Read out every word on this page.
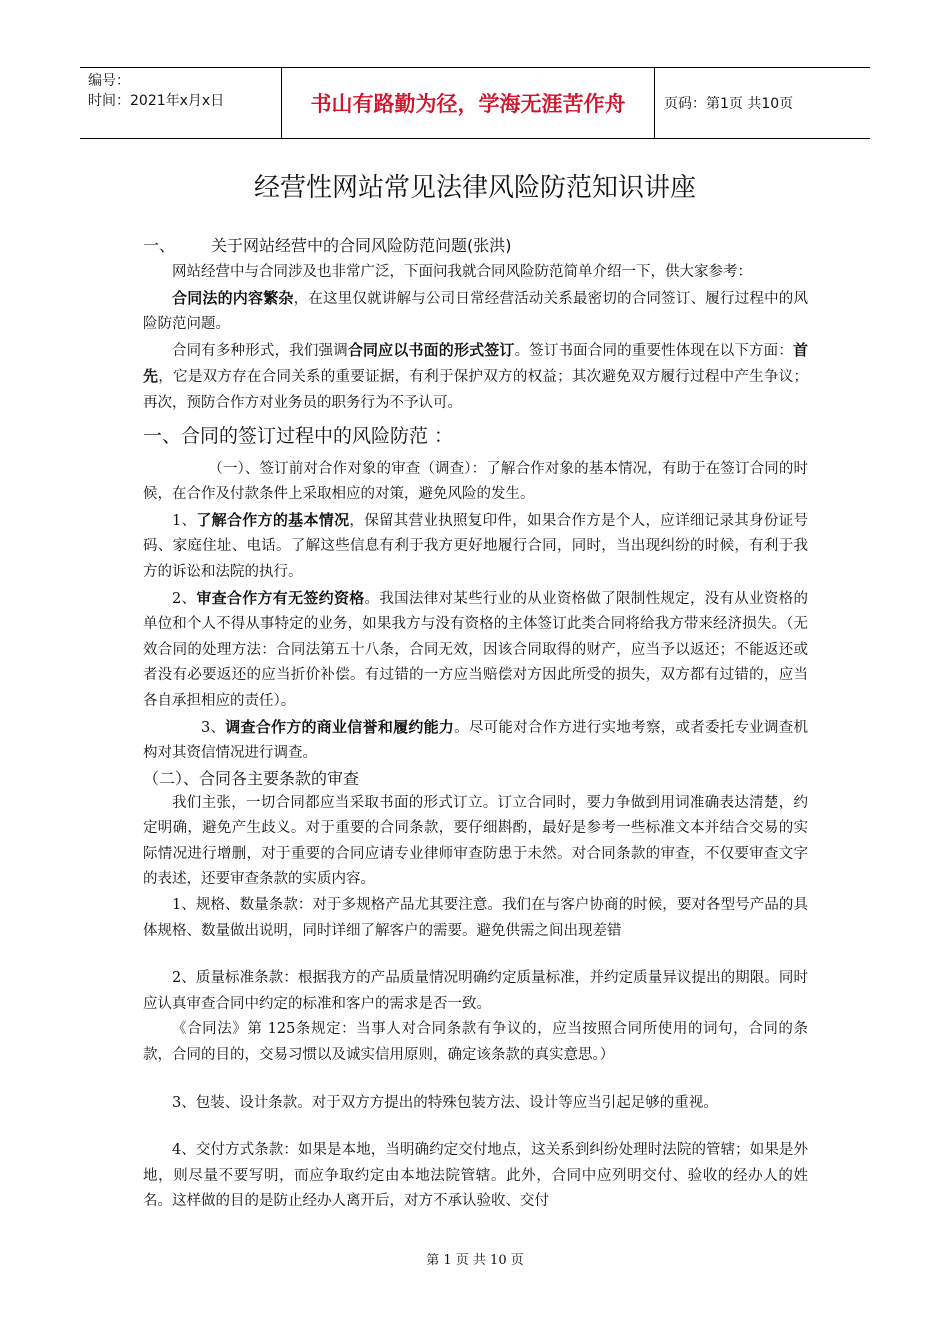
编号：
时间：2021年x月x日	书山有路勤为径，学海无涯苦作舟	页码：第1页 共10页
经营性网站常见法律风险防范知识讲座
一、 关于网站经营中的合同风险防范问题(张洪)

网站经营中与合同涉及也非常广泛，下面问我就合同风险防范简单介绍一下，供大家参考：

合同法的内容繁杂，在这里仅就讲解与公司日常经营活动关系最密切的合同签订、履行过程中的风险防范问题。

合同有多种形式，我们强调合同应以书面的形式签订。签订书面合同的重要性体现在以下方面：首先，它是双方存在合同关系的重要证据，有利于保护双方的权益；其次避免双方履行过程中产生争议；再次，预防合作方对业务员的职务行为不予认可。

一、合同的签订过程中的风险防范 ：

（一）、签订前对合作对象的审查（调查）：了解合作对象的基本情况，有助于在签订合同的时候，在合作及付款条件上采取相应的对策，避免风险的发生。

1、了解合作方的基本情况，保留其营业执照复印件，如果合作方是个人，应详细记录其身份证号码、家庭住址、电话。了解这些信息有利于我方更好地履行合同，同时，当出现纠纷的时候，有利于我方的诉讼和法院的执行。

2、审查合作方有无签约资格。我国法律对某些行业的从业资格做了限制性规定，没有从业资格的单位和个人不得从事特定的业务，如果我方与没有资格的主体签订此类合同将给我方带来经济损失。（无效合同的处理方法：合同法第五十八条，合同无效，因该合同取得的财产，应当予以返还；不能返还或者没有必要返还的应当折价补偿。有过错的一方应当赔偿对方因此所受的损失，双方都有过错的，应当各自承担相应的责任）。

3、调查合作方的商业信誉和履约能力。尽可能对合作方进行实地考察，或者委托专业调查机构对其资信情况进行调查。

（二）、合同各主要条款的审查

我们主张，一切合同都应当采取书面的形式订立。订立合同时，要力争做到用词准确表达清楚，约定明确，避免产生歧义。对于重要的合同条款，要仔细斟酌，最好是参考一些标准文本并结合交易的实际情况进行增删，对于重要的合同应请专业律师审查防患于未然。对合同条款的审查，不仅要审查文字的表述，还要审查条款的实质内容。

1、规格、数量条款：对于多规格产品尤其要注意。我们在与客户协商的时候，要对各型号产品的具体规格、数量做出说明，同时详细了解客户的需要。避免供需之间出现差错

2、质量标准条款：根据我方的产品质量情况明确约定质量标准，并约定质量异议提出的期限。同时应认真审查合同中约定的标准和客户的需求是否一致。

《合同法》第 125条规定：当事人对合同条款有争议的，应当按照合同所使用的词句，合同的条款，合同的目的，交易习惯以及诚实信用原则，确定该条款的真实意思。）

3、包装、设计条款。对于双方方提出的特殊包装方法、设计等应当引起足够的重视。

4、交付方式条款：如果是本地，当明确约定交付地点，这关系到纠纷处理时法院的管辖；如果是外地，则尽量不要写明，而应争取约定由本地法院管辖。此外，合同中应列明交付、验收的经办人的姓名。这样做的目的是防止经办人离开后，对方不承认验收、交付

第 1 页 共 10 页
